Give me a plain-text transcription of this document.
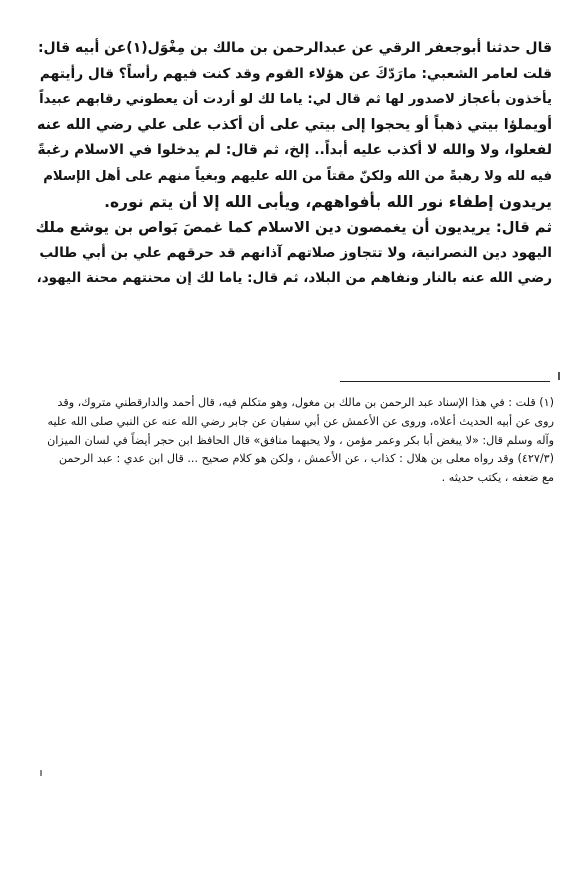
قال حدثنا أبوجعفر الرقي عن عبدالرحمن بن مالك بن مِغْوَل(١)عن أبيه قال:
قلت لعامر الشعبي: مارَدّكَ عن هؤلاء القوم وقد كنت فيهم رأساً؟ قال رأيتهم
يأخذون بأعجاز لاصدور لها ثم قال لي: ياما لك لو أردت أن يعطوني رقابهم عبيداً
أويملؤا بيتي ذهباً أو يحجوا إلى بيتي على أن أكذب على علي رضي الله عنه
لفعلوا، ولا والله لا أكذب عليه أبداً.. إلخ، ثم قال: لم يدخلوا في الاسلام رغبةً
فيه لله ولا رهبةً من الله ولكنّ مقتاً من الله عليهم وبغياً منهم على أهل الإسلام
يريدون إطفاء نور الله بأفواههم، ويأبى الله إلا أن يتم نوره.
ثم قال: يريديون أن يغمصون دين الاسلام كما غمصَ بَواص بن يوشع ملك
اليهود دين النصرانية، ولا تتجاوز صلاتهم آذانهم قد حرقهم علي بن أبي طالب
رضي الله عنه بالنار ونفاهم من البلاد، ثم قال: ياما لك إن محنتهم محنة اليهود،
(١) قلت : في هذا الإسناد عبد الرحمن بن مالك بن مغول، وهو متكلم فيه، قال أحمد والدارقطني متروك، وقد
روى عن أبيه الحديث أعلاه، وروى عن الأعمش عن أبي سفيان عن جابر رضي الله عنه عن النبي صلى الله عليه
وآله وسلم قال: «لا يبغض أبا بكر وعمر مؤمن ، ولا يحبهما منافق» قال الحافظ ابن حجر أيضاً في لسان الميزان
(٤٢٧/٣) وقد رواه معلى بن هلال : كذاب ، عن الأعمش ، ولكن هو كلام صحيح ... قال ابن عدي : عبد الرحمن
مع ضعفه ، يكتب حديثه .
